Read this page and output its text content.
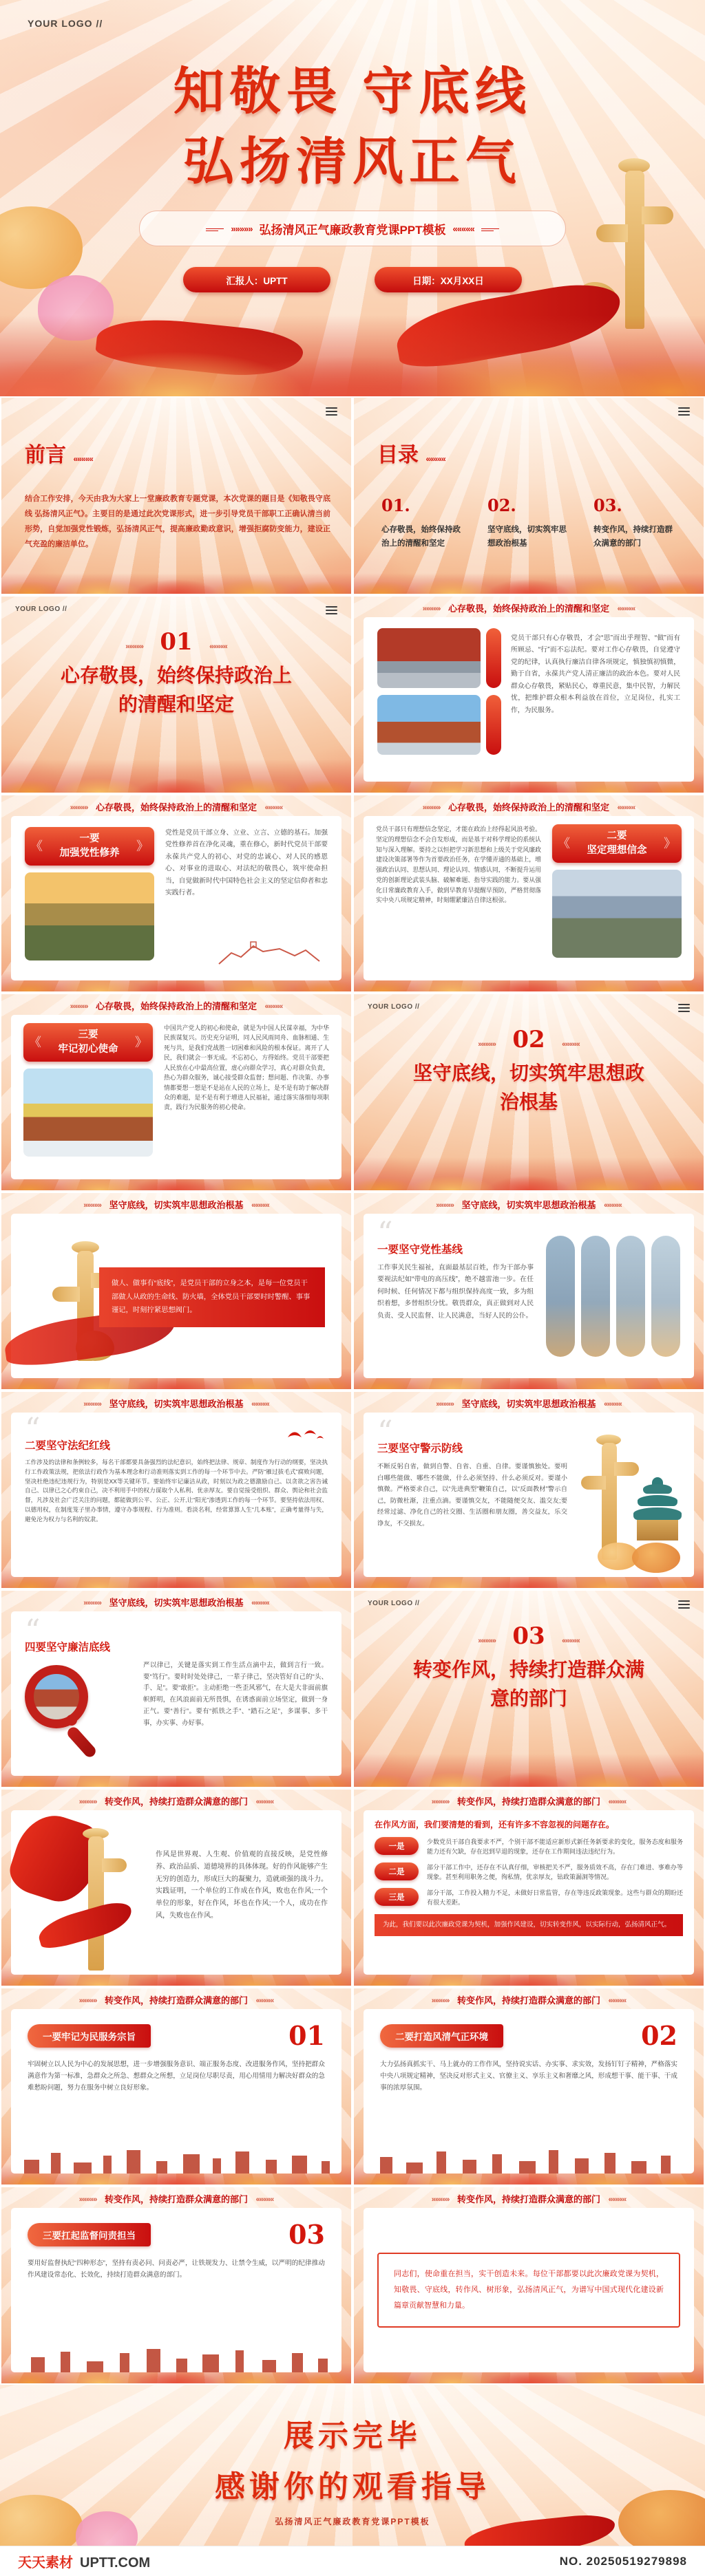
YOUR LOGO //
知敬畏 守底线
弘扬清风正气
»»»»» 弘扬清风正气廉政教育党课PPT模板 «««««
汇报人：UPTT	日期：XX月XX日
前言 «««««
结合工作安排，今天由我为大家上一堂廉政教育专题党课，本次党课的题目是《知敬畏守底线 弘扬清风正气》。主要目的是通过此次党课形式，进一步引导党员干部职工正确认清当前形势，自觉加强党性锻炼，弘扬清风正气，提高廉政勤政意识，增强拒腐防变能力，建设正气充盈的廉洁单位。
目录 «««««
01.
心存敬畏，始终保持政治上的清醒和坚定
02.
坚守底线，切实筑牢思想政治根基
03.
转变作风，持续打造群众满意的部门
YOUR LOGO //
»»»»» 01 «««««
心存敬畏，始终保持政治上的清醒和坚定
»»»»» 心存敬畏，始终保持政治上的清醒和坚定 «««««
党员干部只有心存敬畏，才会“思”而出乎理智、“做”而有所顾忌、“行”而不忘法纪。要对工作心存敬畏，自觉遵守党的纪律，认真执行廉洁自律各项规定，慎独慎初慎微，勤于自省，永葆共产党人清正廉洁的政治本色。要对人民群众心存敬畏，紧贴民心，尊重民意，集中民智，力解民忧，把维护群众根本利益放在首位，立足岗位，扎实工作，为民服务。
»»»»» 心存敬畏，始终保持政治上的清醒和坚定 «««««
《
一要
加强党性修养
》
党性是党员干部立身、立业、立言、立德的基石。加强党性修养首在净化灵魂，重在修心，新时代党员干部要永葆共产党人的初心、对党的忠诚心、对人民的感恩心、对事业的进取心、对法纪的敬畏心，筑牢使命担当，自觉做新时代中国特色社会主义的坚定信仰者和忠实践行者。
»»»»» 心存敬畏，始终保持政治上的清醒和坚定 «««««
党员干部只有理想信念坚定，才能在政治上经得起风浪考验。坚定的理想信念不会自发形成，而是基于对科学理论的系统认知与深入理解。要持之以恒把学习新思想和上级关于党风廉政建设决策部署等作为首要政治任务，在学懂弄通的基础上，增强政治认同、思想认同、理论认同、情感认同，不断提升运用党的创新理论武装头脑、破解难题、指导实践的能力。要从强化日常廉政教育入手，做到早教育早提醒早预防，严格贯彻落实中央八项规定精神，时刻绷紧廉洁自律这根弦。
《
二要
坚定理想信念
》
»»»»» 心存敬畏，始终保持政治上的清醒和坚定 «««««
《
三要
牢记初心使命
》
中国共产党人的初心和使命，就是为中国人民谋幸福，为中华民族谋复兴。历史充分证明，同人民风雨同舟、血脉相通、生死与共，是我们党战胜一切困难和风险的根本保证。离开了人民，我们就会一事无成。不忘初心，方得始终。党员干部要把人民放在心中最高位置，虚心向群众学习，真心对群众负责，热心为群众服务，诚心接受群众监督；想问题、作决策、办事情都要想一想是不是站在人民的立场上，是不是有助于解决群众的难题，是不是有利于增进人民福祉，通过落实落细每项职责，践行为民服务的初心使命。
YOUR LOGO //
»»»»» 02 «««««
坚守底线，切实筑牢思想政治根基
»»»»» 坚守底线，切实筑牢思想政治根基 «««««
做人、做事有“底线”，是党员干部的立身之本，是每一位党员干部做人从政的生命线、防火墙，全体党员干部要时时警醒、事事谨记，时刻拧紧思想阀门。
»»»»» 坚守底线，切实筑牢思想政治根基 «««««
“
一要坚守党性基线
工作事关民生福祉，直面最基层百姓，作为干部办事要视法纪如“带电的高压线”，绝不越雷池一步。在任何时候、任何情况下都与组织保持高度一致，多为组织着想，多替组织分忧。敬畏群众，真正做到对人民负责、受人民监督、让人民满意，当好人民的公仆。
»»»»» 坚守底线，切实筑牢思想政治根基 «««««
“
二要坚守法纪红线
工作涉及的法律和条例较多，每名干部都要具备强烈的法纪意识，始终把法律、规章、制度作为行动的纲要，坚决执行工作政策法规，把依法行政作为基本理念和行动准则落实到工作的每一个环节中去。严防“雁过拔毛式”腐败问题，坚决杜绝违纪违规行为，特别是XX等关键环节。要始终牢记廉洁从政，时刻以为政之德激励自己、以贪欲之害告诫自己、以律已之心约束自己，决不利用手中的权力谋取个人私利、优亲厚友。要自觉接受组织、群众、舆论和社会监督，凡涉及社会广泛关注的问题，都能做到公平、公正、公开,让“阳光”渗透到工作的每一个环节。要坚持依法用权、以德用权，在制度笼子里办事情，遵守办事规程、行为准则。看淡名利，经常算算人生“几本账”，正确考量得与失，避免沦为权力与名利的奴隶。
»»»»» 坚守底线，切实筑牢思想政治根基 «««««
“
三要坚守警示防线
不断反躬自省，做到自警、自省、自重、自律。要谨慎独处。要明白哪些能做、哪些不能做，什么必须坚持、什么必须反对。要谨小慎微。严格要求自己，以“先进典型”鞭策自己，以“反面教材”警示自己，防微杜渐，注重点滴。要谨慎交友，不能随便交友、滥交友;要经常过滤、净化自己的社交圈、生活圈和朋友圈，善交益友，乐交诤友，不交损友。
»»»»» 坚守底线，切实筑牢思想政治根基 «««««
“
四要坚守廉洁底线
严以律已，关键是落实到工作生活点滴中去，做到言行一致。要“笃行”。要时时处处律己，一辈子律己，坚决管好自己的“头、手、足”。要“敢拒”。主动拒绝一些歪风邪气，在大是大非面前旗帜鲜明，在风浪面前无所畏惧，在诱惑面前立场坚定，做到一身正气。要“善行”。要有“抓铁之手”、“踏石之足”，多谋事、多干事，办实事、办好事。
YOUR LOGO //
»»»»» 03 «««««
转变作风，持续打造群众满意的部门
»»»»» 转变作风，持续打造群众满意的部门 «««««
作风是世界观、人生观、价值观的直接反映，是党性修养、政治品质、道德境界的具体体现。好的作风能够产生无穷的创造力，形成巨大的凝聚力，造就顽强的战斗力。实践证明，一个单位的工作成在作风，败也在作风;一个单位的形象，好在作风，坏也在作风;一个人，成功在作风，失败也在作风。
»»»»» 转变作风，持续打造群众满意的部门 «««««
在作风方面，我们要清楚的看到，还有许多不容忽视的问题存在。
一是
少数党员干部自我要求不严，个别干部不能适应新形式新任务新要求的变化，服务态度和服务能力还有欠缺，存在迟到早退的现象，还存在工作期间违法违纪行为。
二是
部分干部工作中，还存在不认真仔细，审核把关不严，服务质效不高，存在门难进、事难办等现象。甚至利用职务之便，徇私情，优亲厚友，钻政策漏洞等情况。
三是
部分干部，工作投入精力不足，未做好日常监管，存在等违反政策现象。这些与群众的期盼还有很大差距。
为此，我们要以此次廉政党课为契机，加强作风建设，切实转变作风，以实际行动，弘扬清风正气。
»»»»» 转变作风，持续打造群众满意的部门 «««««
一要牢记为民服务宗旨	01
牢固树立以人民为中心的发展思想，进一步增强服务意识、端正服务态度、改进服务作风，坚持把群众满意作为第一标准，急群众之所急、想群众之所想，立足岗位尽职尽责，用心用情用力解决好群众的急难愁盼问题，努力在服务中树立良好形象。
»»»»» 转变作风，持续打造群众满意的部门 «««««
二要打造风清气正环境	02
大力弘扬真抓实干、马上就办的工作作风，坚持说实话、办实事、求实效，发扬钉钉子精神，严格落实中央八项规定精神，坚决反对形式主义、官僚主义、享乐主义和奢靡之风，形成想干事、能干事、干成事的浓厚氛围。
»»»»» 转变作风，持续打造群众满意的部门 «««««
三要扛起监督问责担当	03
要用好监督执纪“四种形态”，坚持有责必问、问责必严，让铁规发力、让禁令生威，以严明的纪律推动作风建设常态化、长效化，持续打造群众满意的部门。
»»»»» 转变作风，持续打造群众满意的部门 «««««
同志们，使命重在担当，实干创造未来。每位干部都要以此次廉政党课为契机，知敬畏、守底线，转作风、树形象，弘扬清风正气，为谱写中国式现代化建设新篇章贡献智慧和力量。
展示完毕
感谢你的观看指导
弘扬清风正气廉政教育党课PPT模板
天天素材 UPTT.COM	NO. 20250519279898
